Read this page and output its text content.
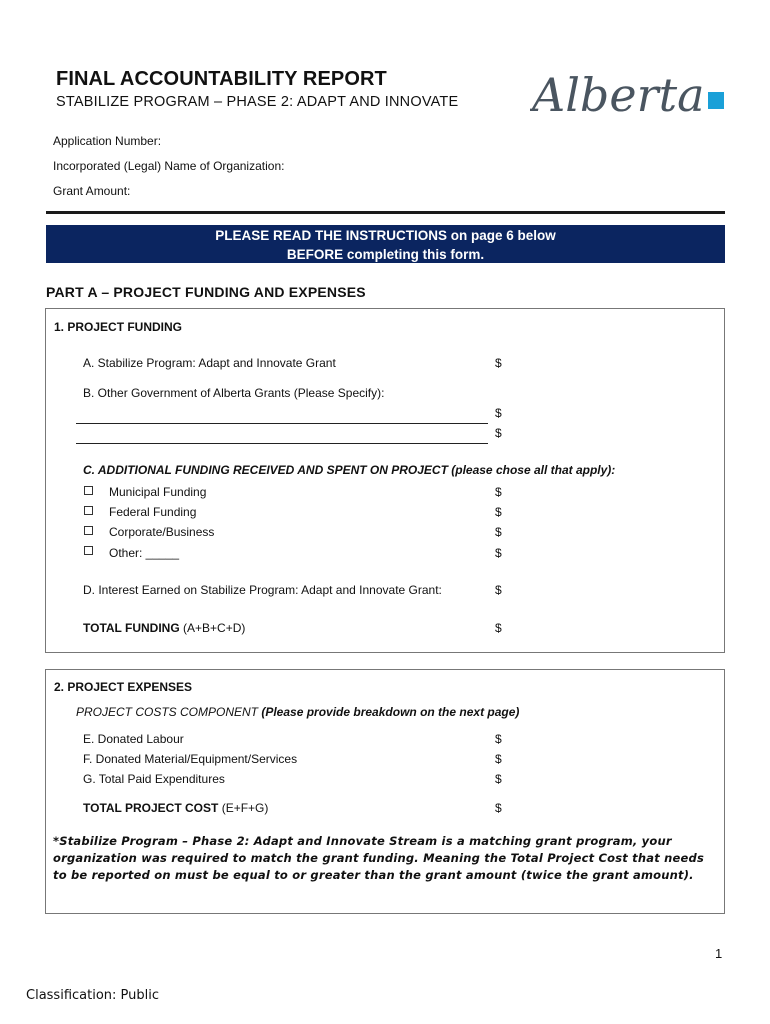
FINAL ACCOUNTABILITY REPORT
STABILIZE PROGRAM – PHASE 2: ADAPT AND INNOVATE Alberta
Application Number:
Incorporated (Legal) Name of Organization:
Grant Amount:
PLEASE READ THE INSTRUCTIONS on page 6 below
BEFORE completing this form.
PART A – PROJECT FUNDING AND EXPENSES
1. PROJECT FUNDING
A. Stabilize Program: Adapt and Innovate Grant	$
B. Other Government of Alberta Grants (Please Specify):
$
$
C. ADDITIONAL FUNDING RECEIVED AND SPENT ON PROJECT (please chose all that apply):
Municipal Funding	$
Federal Funding	$
Corporate/Business	$
Other: _____	$
D. Interest Earned on Stabilize Program: Adapt and Innovate Grant:	$
TOTAL FUNDING (A+B+C+D)	$
2. PROJECT EXPENSES
PROJECT COSTS COMPONENT (Please provide breakdown on the next page)
E. Donated Labour	$
F. Donated Material/Equipment/Services	$
G. Total Paid Expenditures	$
TOTAL PROJECT COST (E+F+G)	$
*Stabilize Program – Phase 2: Adapt and Innovate Stream is a matching grant program, your organization was required to match the grant funding. Meaning the Total Project Cost that needs to be reported on must be equal to or greater than the grant amount (twice the grant amount).
1
Classification: Public
